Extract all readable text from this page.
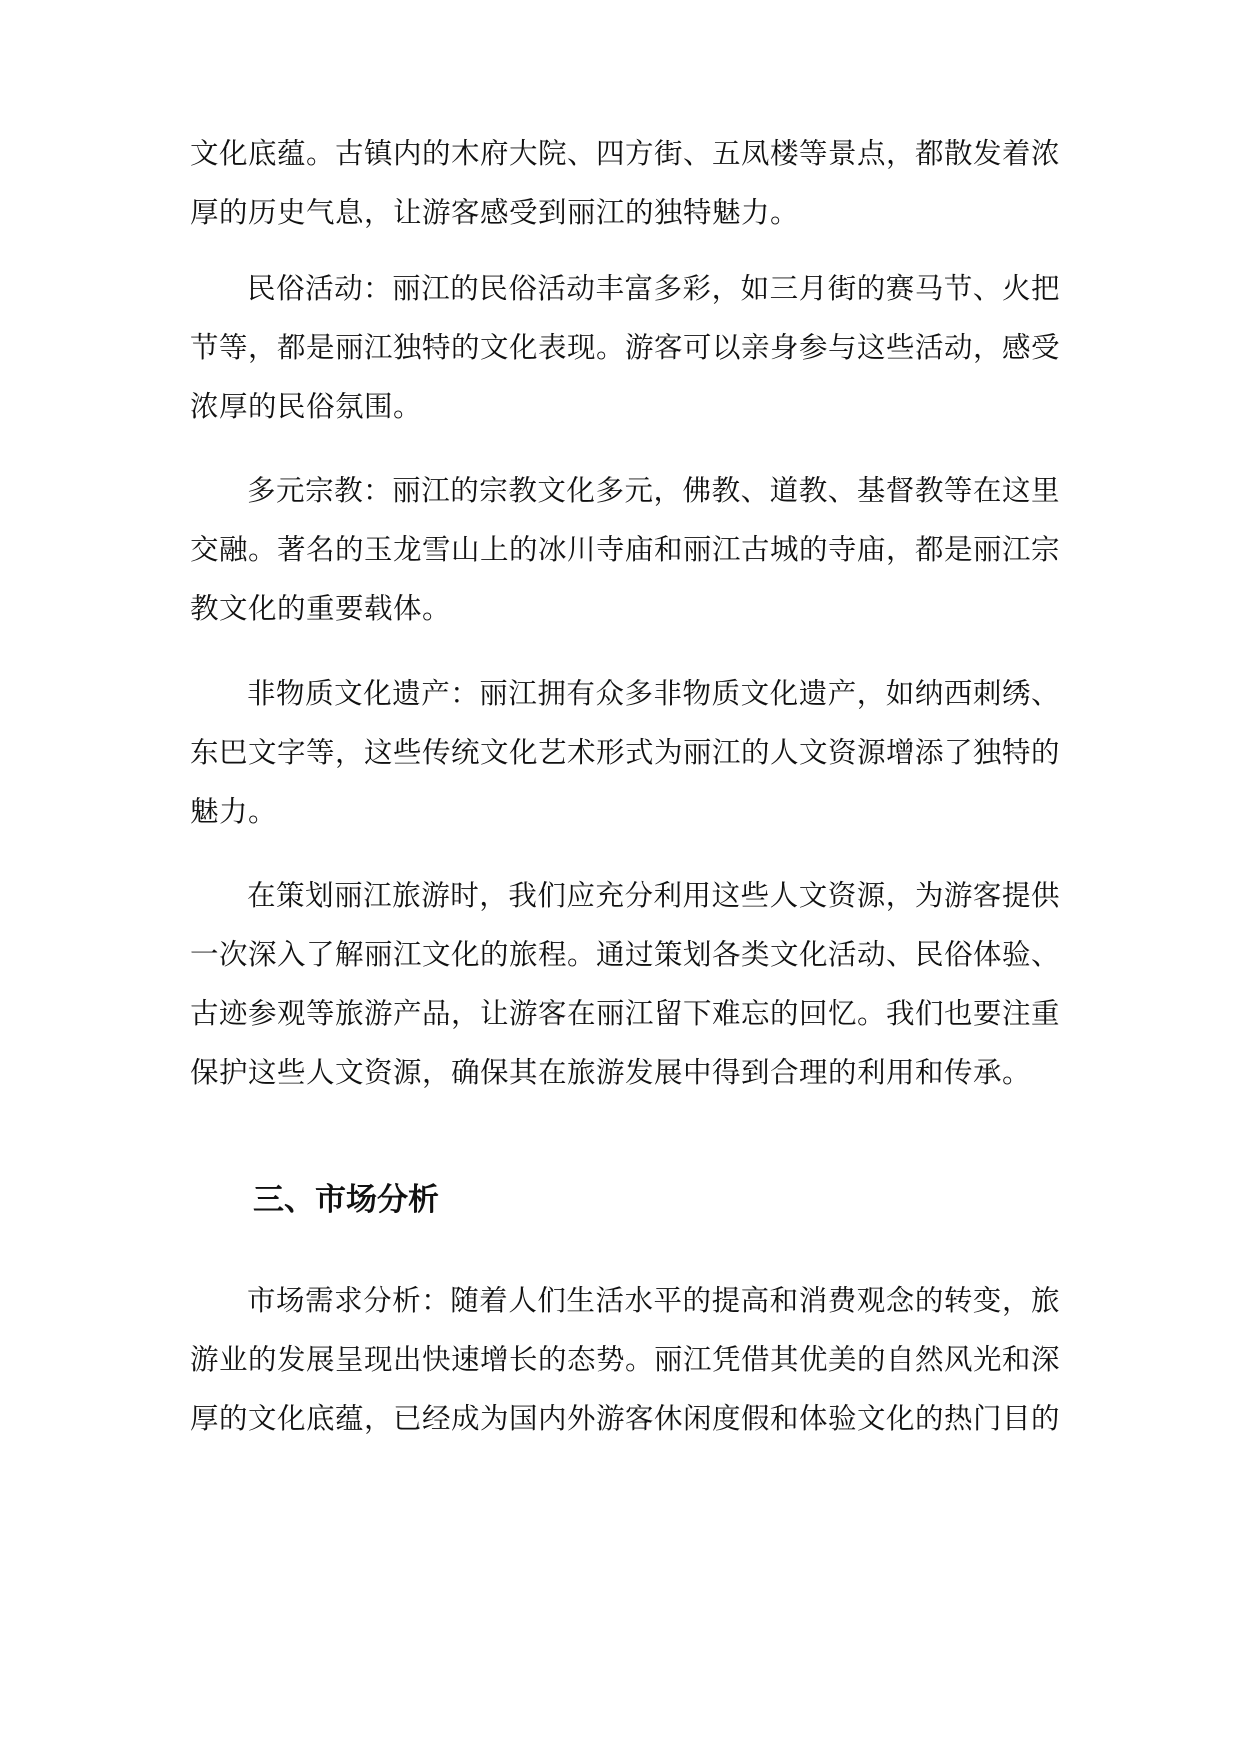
文化底蕴。古镇内的木府大院、四方街、五凤楼等景点，都散发着浓
厚的历史气息，让游客感受到丽江的独特魅力。
民俗活动：丽江的民俗活动丰富多彩，如三月街的赛马节、火把
节等，都是丽江独特的文化表现。游客可以亲身参与这些活动，感受
浓厚的民俗氛围。
多元宗教：丽江的宗教文化多元，佛教、道教、基督教等在这里
交融。著名的玉龙雪山上的冰川寺庙和丽江古城的寺庙，都是丽江宗
教文化的重要载体。
非物质文化遗产：丽江拥有众多非物质文化遗产，如纳西刺绣、
东巴文字等，这些传统文化艺术形式为丽江的人文资源增添了独特的
魅力。
在策划丽江旅游时，我们应充分利用这些人文资源，为游客提供
一次深入了解丽江文化的旅程。通过策划各类文化活动、民俗体验、
古迹参观等旅游产品，让游客在丽江留下难忘的回忆。我们也要注重
保护这些人文资源，确保其在旅游发展中得到合理的利用和传承。
三、市场分析
市场需求分析：随着人们生活水平的提高和消费观念的转变，旅
游业的发展呈现出快速增长的态势。丽江凭借其优美的自然风光和深
厚的文化底蕴，已经成为国内外游客休闲度假和体验文化的热门目的
